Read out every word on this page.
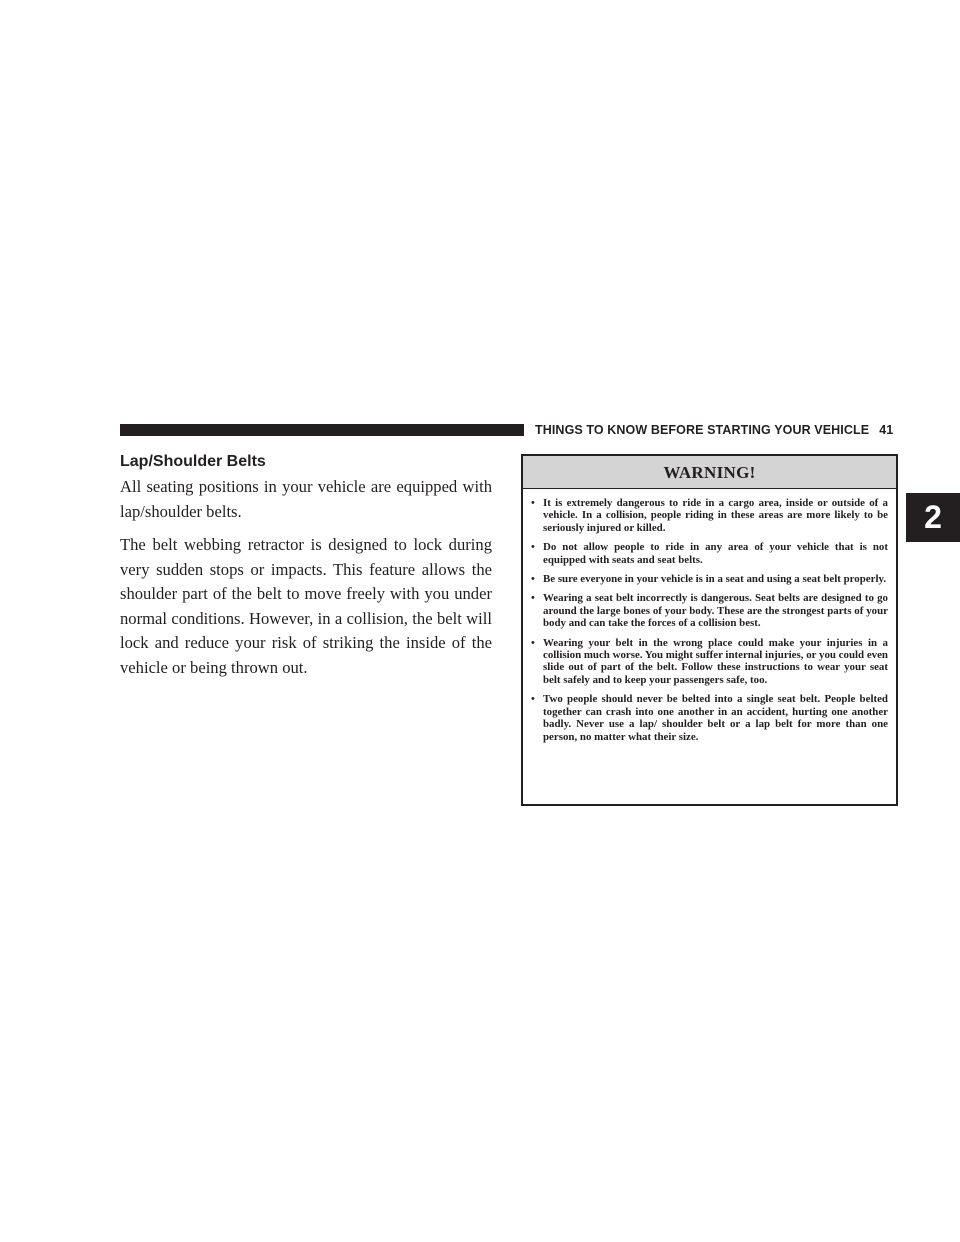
THINGS TO KNOW BEFORE STARTING YOUR VEHICLE 41
2
Lap/Shoulder Belts

All seating positions in your vehicle are equipped with lap/shoulder belts.

The belt webbing retractor is designed to lock during very sudden stops or impacts. This feature allows the shoulder part of the belt to move freely with you under normal conditions. However, in a collision, the belt will lock and reduce your risk of striking the inside of the vehicle or being thrown out.

WARNING!
• It is extremely dangerous to ride in a cargo area, inside or outside of a vehicle. In a collision, people riding in these areas are more likely to be seriously injured or killed.
• Do not allow people to ride in any area of your vehicle that is not equipped with seats and seat belts.
• Be sure everyone in your vehicle is in a seat and using a seat belt properly.
• Wearing a seat belt incorrectly is dangerous. Seat belts are designed to go around the large bones of your body. These are the strongest parts of your body and can take the forces of a collision best.
• Wearing your belt in the wrong place could make your injuries in a collision much worse. You might suffer internal injuries, or you could even slide out of part of the belt. Follow these instructions to wear your seat belt safely and to keep your passengers safe, too.
• Two people should never be belted into a single seat belt. People belted together can crash into one another in an accident, hurting one another badly. Never use a lap/ shoulder belt or a lap belt for more than one person, no matter what their size.
